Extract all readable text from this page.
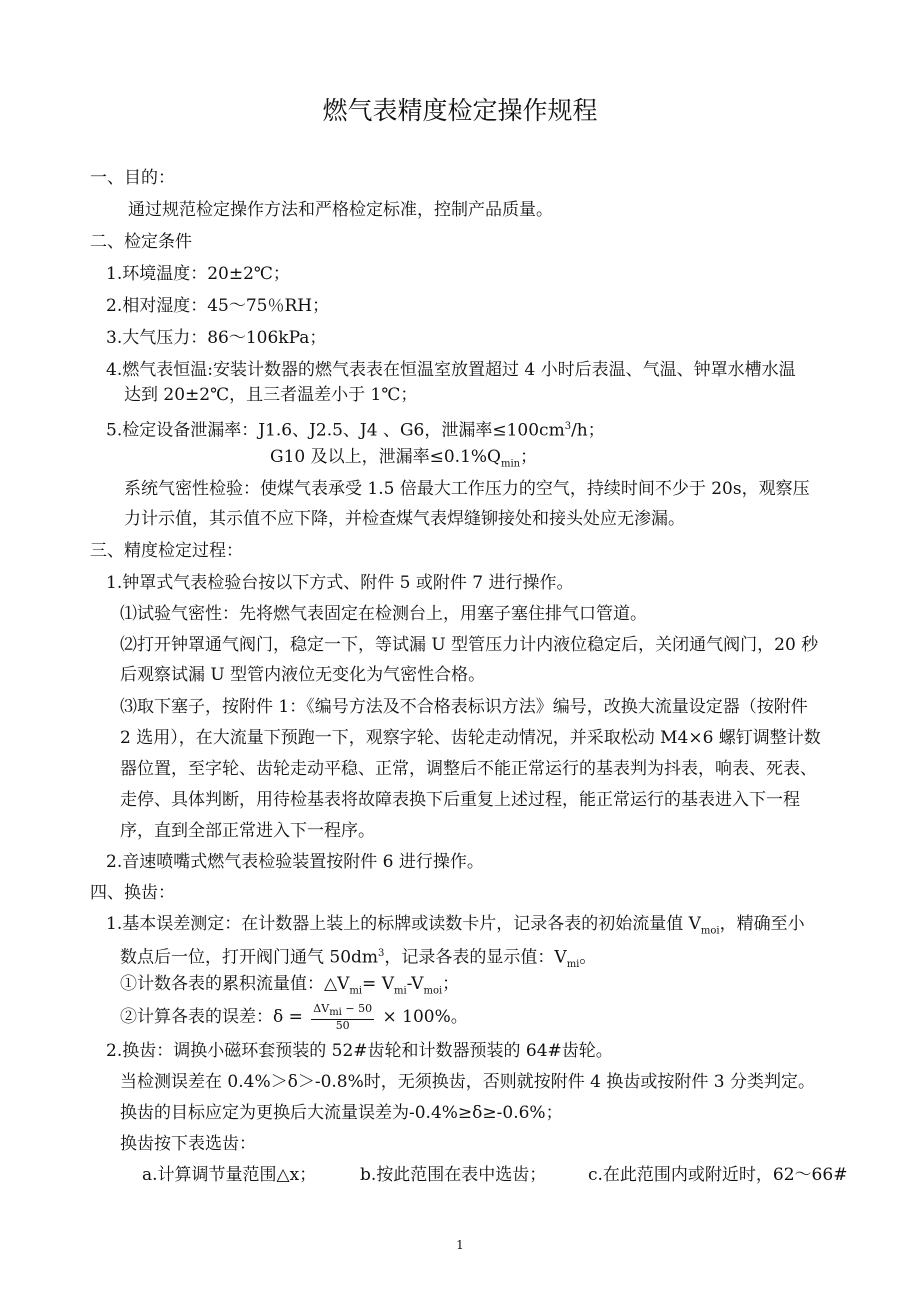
燃气表精度检定操作规程
一、目的：
通过规范检定操作方法和严格检定标准，控制产品质量。
二、检定条件
1.环境温度：20±2℃；
2.相对湿度：45～75％RH；
3.大气压力：86～106kPa；
4.燃气表恒温:安装计数器的燃气表表在恒温室放置超过 4 小时后表温、气温、钟罩水槽水温
达到 20±2℃，且三者温差小于 1℃；
5.检定设备泄漏率：J1.6、J2.5、J4 、G6，泄漏率$\le 100cm^3/h$；
G10 及以上，泄漏率$\le 0.1\%Q_{min}$；
系统气密性检验：使煤气表承受 1.5 倍最大工作压力的空气，持续时间不少于 20s，观察压
力计示值，其示值不应下降，并检查煤气表焊缝铆接处和接头处应无渗漏。
三、精度检定过程：
1.钟罩式气表检验台按以下方式、附件 5 或附件 7 进行操作。
⑴试验气密性：先将燃气表固定在检测台上，用塞子塞住排气口管道。
⑵打开钟罩通气阀门，稳定一下，等试漏 U 型管压力计内液位稳定后，关闭通气阀门，20 秒
后观察试漏 U 型管内液位无变化为气密性合格。
⑶取下塞子，按附件 1：《编号方法及不合格表标识方法》编号，改换大流量设定器（按附件
2 选用），在大流量下预跑一下，观察字轮、齿轮走动情况，并采取松动 M4×6 螺钉调整计数
器位置，至字轮、齿轮走动平稳、正常，调整后不能正常运行的基表判为抖表，响表、死表、
走停、具体判断，用待检基表将故障表换下后重复上述过程，能正常运行的基表进入下一程
序，直到全部正常进入下一程序。
2.音速喷嘴式燃气表检验装置按附件 6 进行操作。
四、换齿：
1.基本误差测定：在计数器上装上的标牌或读数卡片，记录各表的初始流量值 $V_{moi}$，精确至小
数点后一位，打开阀门通气 $50dm^3$，记录各表的显示值：$V_{mi}$。
①计数各表的累积流量值：$\triangle V_{mi}= V_{mi}-V_{moi}$；
②计算各表的误差：$\delta = \frac{\Delta V_{mi} - 50}{50} \times 100\%$。
2.换齿：调换小磁环套预装的 52#齿轮和计数器预装的 64#齿轮。
当检测误差在 0.4%＞δ＞-0.8%时，无须换齿，否则就按附件 4 换齿或按附件 3 分类判定。
换齿的目标应定为更换后大流量误差为-0.4%≥δ≥-0.6%；
换齿按下表选齿：
a.计算调节量范围△x；	b.按此范围在表中选齿； c.在此范围内或附近时，62～66#
1
